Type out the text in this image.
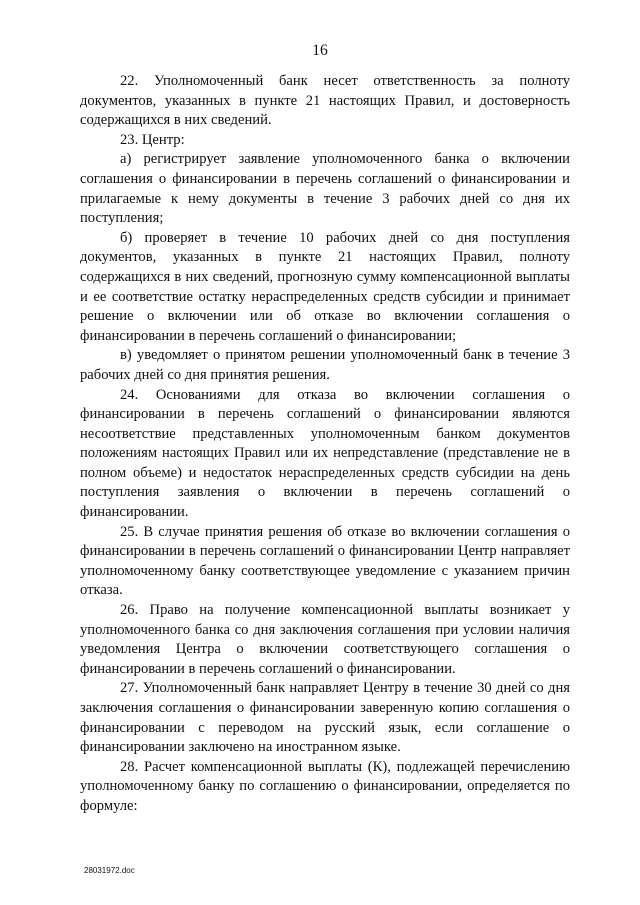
16

22. Уполномоченный банк несет ответственность за полноту документов, указанных в пункте 21 настоящих Правил, и достоверность содержащихся в них сведений.

23. Центр:

а) регистрирует заявление уполномоченного банка о включении соглашения о финансировании в перечень соглашений о финансировании и прилагаемые к нему документы в течение 3 рабочих дней со дня их поступления;

б) проверяет в течение 10 рабочих дней со дня поступления документов, указанных в пункте 21 настоящих Правил, полноту содержащихся в них сведений, прогнозную сумму компенсационной выплаты и ее соответствие остатку нераспределенных средств субсидии и принимает решение о включении или об отказе во включении соглашения о финансировании в перечень соглашений о финансировании;

в) уведомляет о принятом решении уполномоченный банк в течение 3 рабочих дней со дня принятия решения.

24. Основаниями для отказа во включении соглашения о финансировании в перечень соглашений о финансировании являются несоответствие представленных уполномоченным банком документов положениям настоящих Правил или их непредставление (представление не в полном объеме) и недостаток нераспределенных средств субсидии на день поступления заявления о включении в перечень соглашений о финансировании.

25. В случае принятия решения об отказе во включении соглашения о финансировании в перечень соглашений о финансировании Центр направляет уполномоченному банку соответствующее уведомление с указанием причин отказа.

26. Право на получение компенсационной выплаты возникает у уполномоченного банка со дня заключения соглашения при условии наличия уведомления Центра о включении соответствующего соглашения о финансировании в перечень соглашений о финансировании.

27. Уполномоченный банк направляет Центру в течение 30 дней со дня заключения соглашения о финансировании заверенную копию соглашения о финансировании с переводом на русский язык, если соглашение о финансировании заключено на иностранном языке.

28. Расчет компенсационной выплаты (К), подлежащей перечислению уполномоченному банку по соглашению о финансировании, определяется по формуле:

28031972.doc
